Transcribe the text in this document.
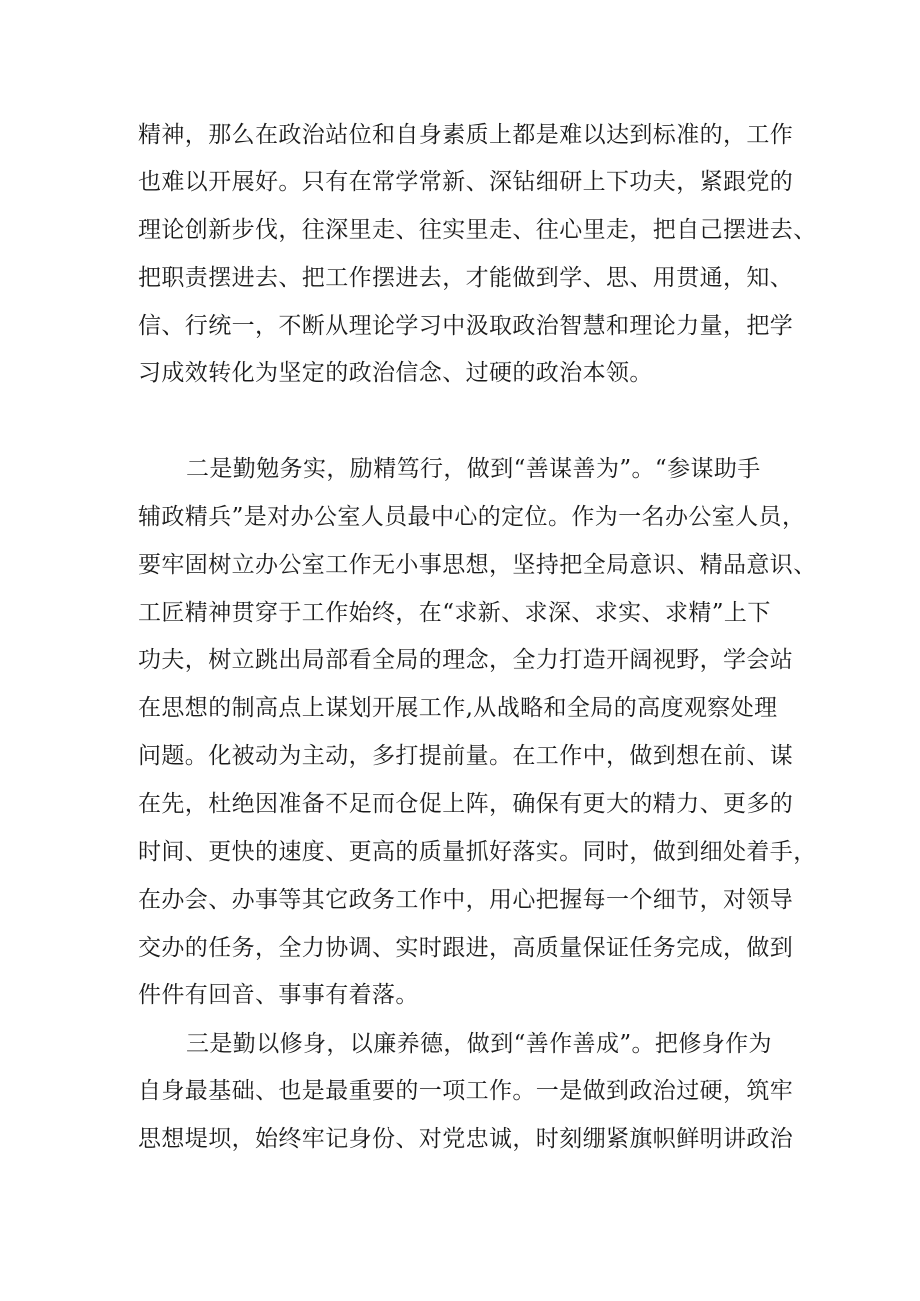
精神，那么在政治站位和自身素质上都是难以达到标准的，工作
也难以开展好。只有在常学常新、深钻细研上下功夫，紧跟党的
理论创新步伐，往深里走、往实里走、往心里走，把自己摆进去、
把职责摆进去、把工作摆进去，才能做到学、思、用贯通，知、
信、行统一，不断从理论学习中汲取政治智慧和理论力量，把学
习成效转化为坚定的政治信念、过硬的政治本领。
二是勤勉务实，励精笃行，做到“善谋善为”。“参谋助手
辅政精兵”是对办公室人员最中心的定位。作为一名办公室人员，
要牢固树立办公室工作无小事思想，坚持把全局意识、精品意识、
工匠精神贯穿于工作始终，在“求新、求深、求实、求精”上下
功夫，树立跳出局部看全局的理念，全力打造开阔视野，学会站
在思想的制高点上谋划开展工作,从战略和全局的高度观察处理
问题。化被动为主动，多打提前量。在工作中，做到想在前、谋
在先，杜绝因准备不足而仓促上阵，确保有更大的精力、更多的
时间、更快的速度、更高的质量抓好落实。同时，做到细处着手，
在办会、办事等其它政务工作中，用心把握每一个细节，对领导
交办的任务，全力协调、实时跟进，高质量保证任务完成，做到
件件有回音、事事有着落。
三是勤以修身，以廉养德，做到“善作善成”。把修身作为
自身最基础、也是最重要的一项工作。一是做到政治过硬，筑牢
思想堤坝，始终牢记身份、对党忠诚，时刻绷紧旗帜鲜明讲政治
